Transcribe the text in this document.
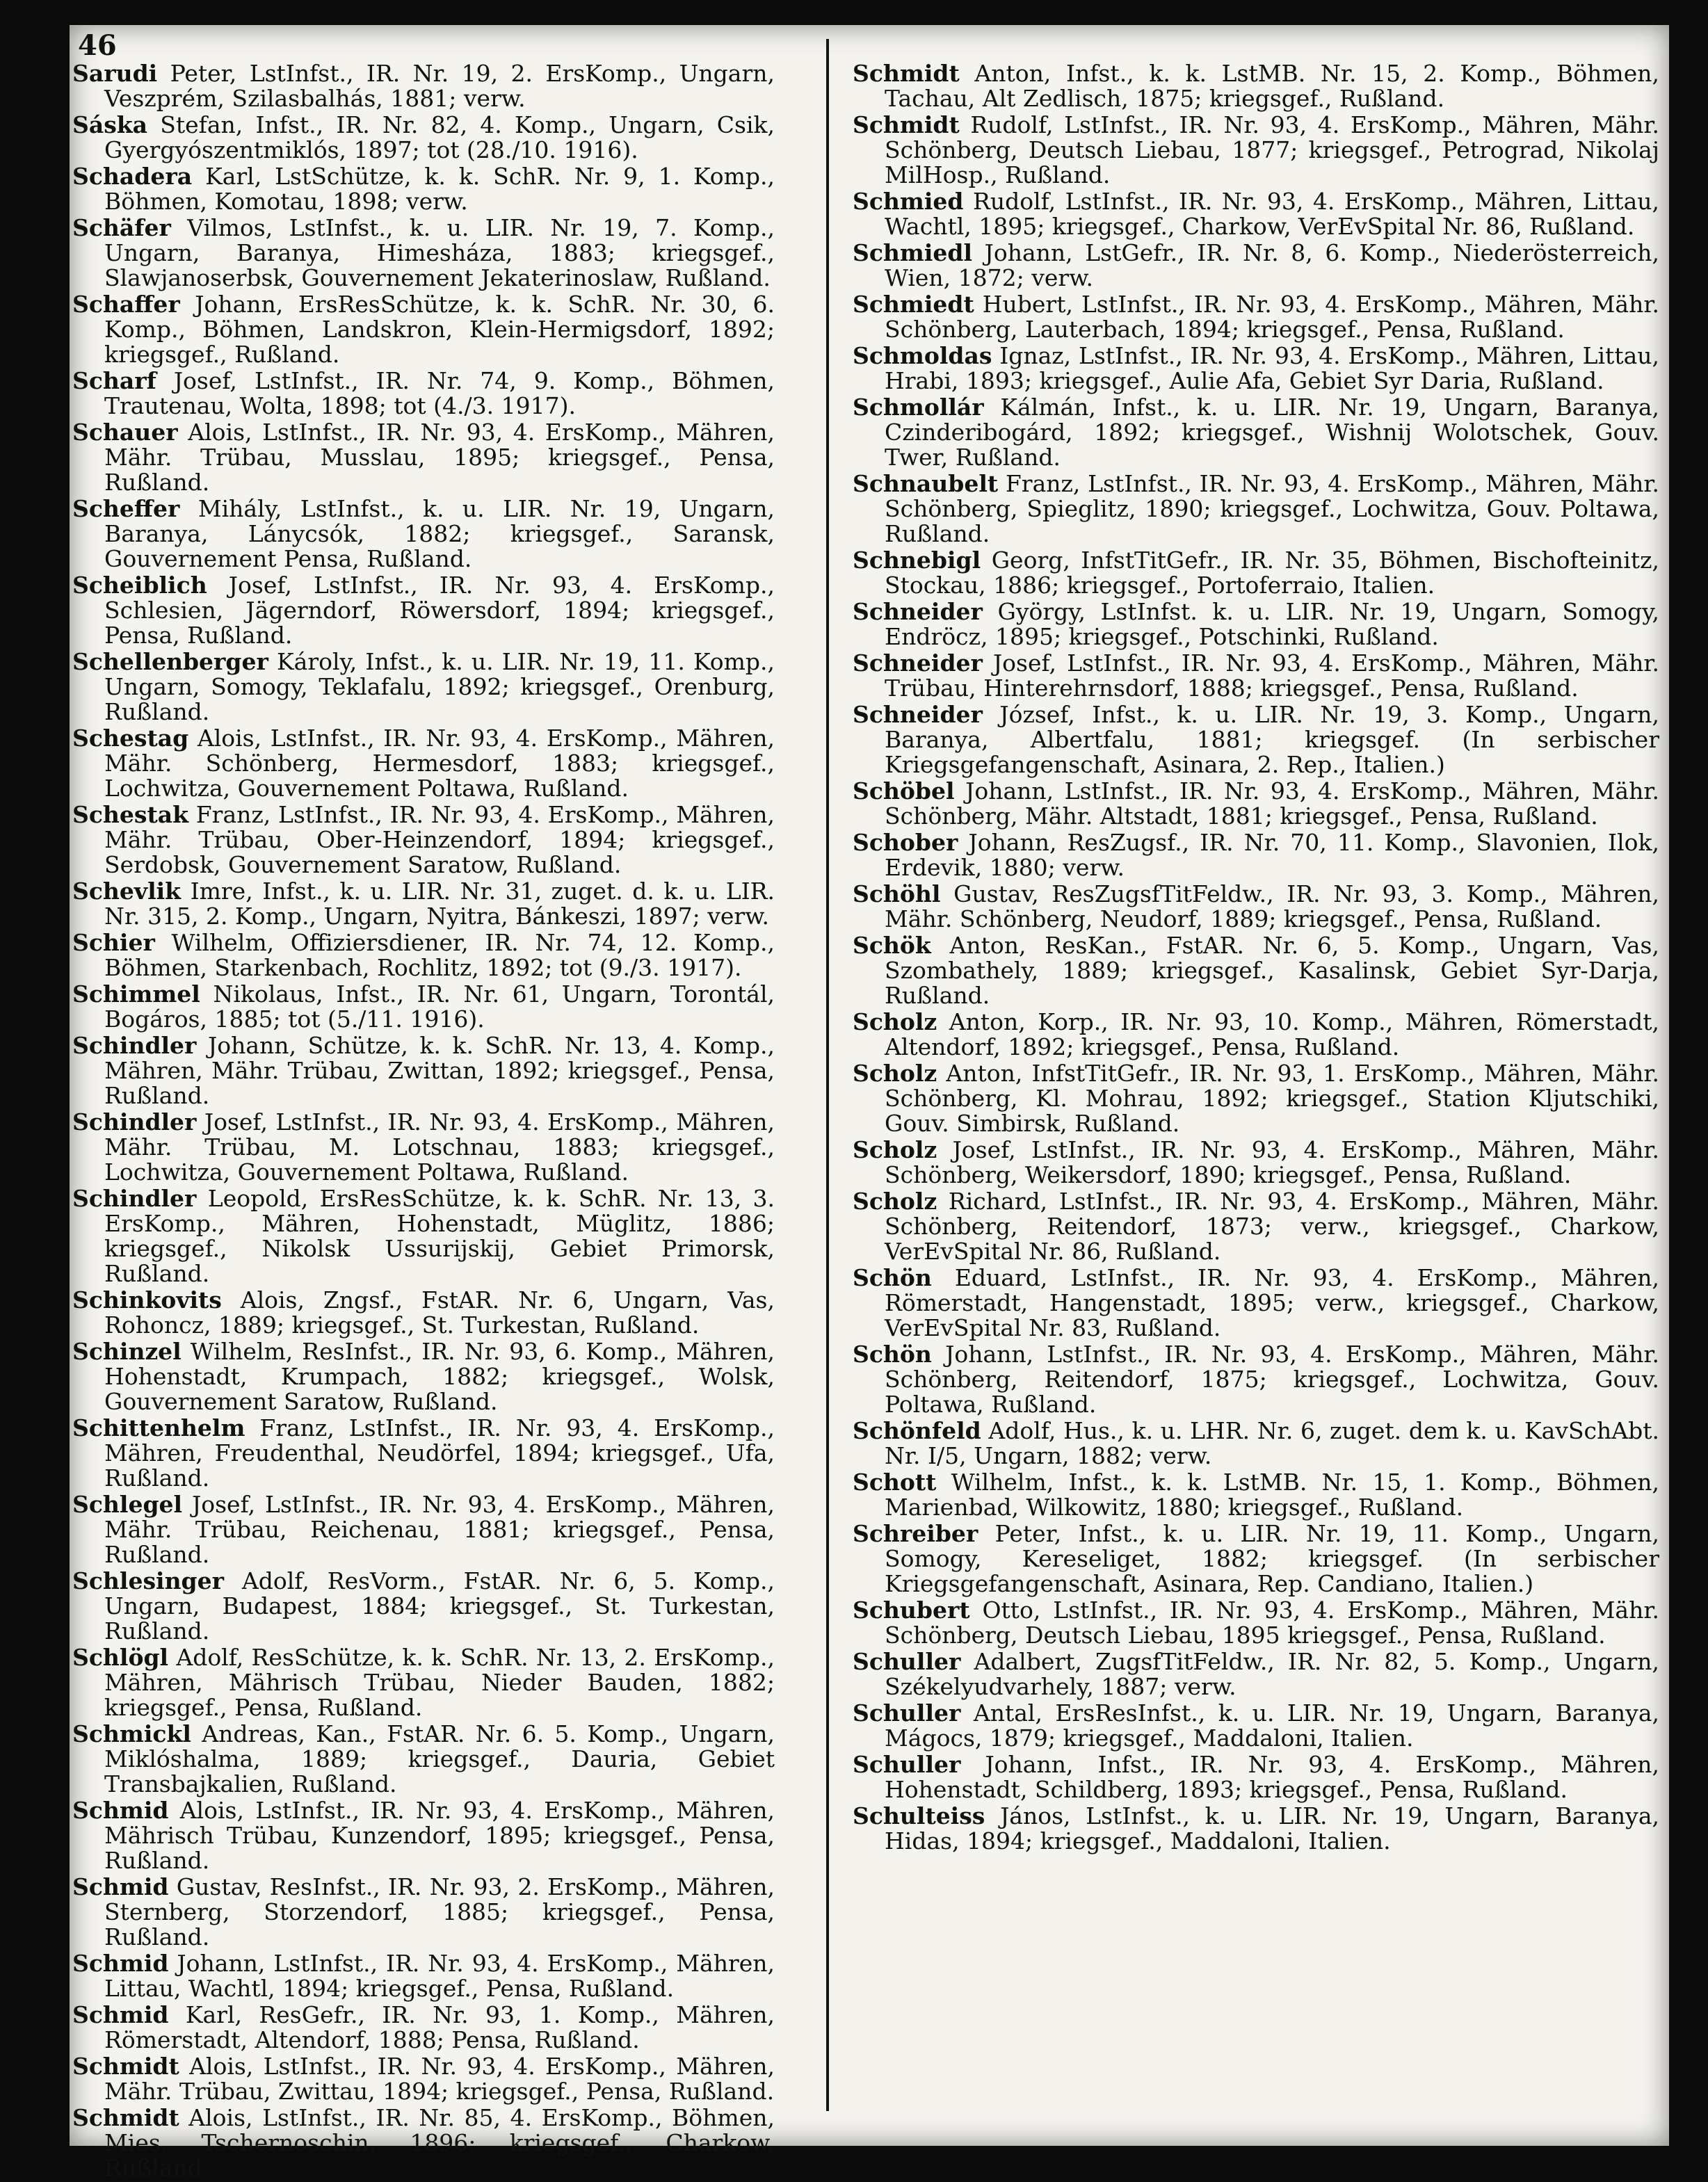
46

Sarudi Peter, LstInfst., IR. Nr. 19, 2. ErsKomp., Ungarn, Veszprém, Szilasbalhás, 1881; verw.

Sáska Stefan, Infst., IR. Nr. 82, 4. Komp., Ungarn, Csik, Gyergyószentmiklós, 1897; tot (28./10. 1916).

Schadera Karl, LstSchütze, k. k. SchR. Nr. 9, 1. Komp., Böhmen, Komotau, 1898; verw.

Schäfer Vilmos, LstInfst., k. u. LIR. Nr. 19, 7. Komp., Ungarn, Baranya, Himesháza, 1883; kriegsgef., Slawjanoserbsk, Gouvernement Jekaterinoslaw, Rußland.

Schaffer Johann, ErsResSchütze, k. k. SchR. Nr. 30, 6. Komp., Böhmen, Landskron, Klein-Hermigsdorf, 1892; kriegsgef., Rußland.

Scharf Josef, LstInfst., IR. Nr. 74, 9. Komp., Böhmen, Trautenau, Wolta, 1898; tot (4./3. 1917).

Schauer Alois, LstInfst., IR. Nr. 93, 4. ErsKomp., Mähren, Mähr. Trübau, Musslau, 1895; kriegsgef., Pensa, Rußland.

Scheffer Mihály, LstInfst., k. u. LIR. Nr. 19, Ungarn, Baranya, Lánycsók, 1882; kriegsgef., Saransk, Gouvernement Pensa, Rußland.

Scheiblich Josef, LstInfst., IR. Nr. 93, 4. ErsKomp., Schlesien, Jägerndorf, Röwersdorf, 1894; kriegsgef., Pensa, Rußland.

Schellenberger Károly, Infst., k. u. LIR. Nr. 19, 11. Komp., Ungarn, Somogy, Teklafalu, 1892; kriegsgef., Orenburg, Rußland.

Schestag Alois, LstInfst., IR. Nr. 93, 4. ErsKomp., Mähren, Mähr. Schönberg, Hermesdorf, 1883; kriegsgef., Lochwitza, Gouvernement Poltawa, Rußland.

Schestak Franz, LstInfst., IR. Nr. 93, 4. ErsKomp., Mähren, Mähr. Trübau, Ober-Heinzendorf, 1894; kriegsgef., Serdobsk, Gouvernement Saratow, Rußland.

Schevlik Imre, Infst., k. u. LIR. Nr. 31, zuget. d. k. u. LIR. Nr. 315, 2. Komp., Ungarn, Nyitra, Bánkeszi, 1897; verw.

Schier Wilhelm, Offiziersdiener, IR. Nr. 74, 12. Komp., Böhmen, Starkenbach, Rochlitz, 1892; tot (9./3. 1917).

Schimmel Nikolaus, Infst., IR. Nr. 61, Ungarn, Torontál, Bogáros, 1885; tot (5./11. 1916).

Schindler Johann, Schütze, k. k. SchR. Nr. 13, 4. Komp., Mähren, Mähr. Trübau, Zwittan, 1892; kriegsgef., Pensa, Rußland.

Schindler Josef, LstInfst., IR. Nr. 93, 4. ErsKomp., Mähren, Mähr. Trübau, M. Lotschnau, 1883; kriegsgef., Lochwitza, Gouvernement Poltawa, Rußland.

Schindler Leopold, ErsResSchütze, k. k. SchR. Nr. 13, 3. ErsKomp., Mähren, Hohenstadt, Müglitz, 1886; kriegsgef., Nikolsk Ussurijskij, Gebiet Primorsk, Rußland.

Schinkovits Alois, Zngsf., FstAR. Nr. 6, Ungarn, Vas, Rohoncz, 1889; kriegsgef., St. Turkestan, Rußland.

Schinzel Wilhelm, ResInfst., IR. Nr. 93, 6. Komp., Mähren, Hohenstadt, Krumpach, 1882; kriegsgef., Wolsk, Gouvernement Saratow, Rußland.

Schittenhelm Franz, LstInfst., IR. Nr. 93, 4. ErsKomp., Mähren, Freudenthal, Neudörfel, 1894; kriegsgef., Ufa, Rußland.

Schlegel Josef, LstInfst., IR. Nr. 93, 4. ErsKomp., Mähren, Mähr. Trübau, Reichenau, 1881; kriegsgef., Pensa, Rußland.

Schlesinger Adolf, ResVorm., FstAR. Nr. 6, 5. Komp., Ungarn, Budapest, 1884; kriegsgef., St. Turkestan, Rußland.

Schlögl Adolf, ResSchütze, k. k. SchR. Nr. 13, 2. ErsKomp., Mähren, Mährisch Trübau, Nieder Bauden, 1882; kriegsgef., Pensa, Rußland.

Schmickl Andreas, Kan., FstAR. Nr. 6. 5. Komp., Ungarn, Miklóshalma, 1889; kriegsgef., Dauria, Gebiet Transbajkalien, Rußland.

Schmid Alois, LstInfst., IR. Nr. 93, 4. ErsKomp., Mähren, Mährisch Trübau, Kunzendorf, 1895; kriegsgef., Pensa, Rußland.

Schmid Gustav, ResInfst., IR. Nr. 93, 2. ErsKomp., Mähren, Sternberg, Storzendorf, 1885; kriegsgef., Pensa, Rußland.

Schmid Johann, LstInfst., IR. Nr. 93, 4. ErsKomp., Mähren, Littau, Wachtl, 1894; kriegsgef., Pensa, Rußland.

Schmid Karl, ResGefr., IR. Nr. 93, 1. Komp., Mähren, Römerstadt, Altendorf, 1888; Pensa, Rußland.

Schmidt Alois, LstInfst., IR. Nr. 93, 4. ErsKomp., Mähren, Mähr. Trübau, Zwittau, 1894; kriegsgef., Pensa, Rußland.

Schmidt Alois, LstInfst., IR. Nr. 85, 4. ErsKomp., Böhmen, Mies, Tschernoschin, 1896; kriegsgef., Charkow, Rußland.

Schmidt Anton, Infst., k. k. LstMB. Nr. 15, 2. Komp., Böhmen, Tachau, Alt Zedlisch, 1875; kriegsgef., Rußland.

Schmidt Rudolf, LstInfst., IR. Nr. 93, 4. ErsKomp., Mähren, Mähr. Schönberg, Deutsch Liebau, 1877; kriegsgef., Petrograd, Nikolaj MilHosp., Rußland.

Schmied Rudolf, LstInfst., IR. Nr. 93, 4. ErsKomp., Mähren, Littau, Wachtl, 1895; kriegsgef., Charkow, VerEvSpital Nr. 86, Rußland.

Schmiedl Johann, LstGefr., IR. Nr. 8, 6. Komp., Niederösterreich, Wien, 1872; verw.

Schmiedt Hubert, LstInfst., IR. Nr. 93, 4. ErsKomp., Mähren, Mähr. Schönberg, Lauterbach, 1894; kriegsgef., Pensa, Rußland.

Schmoldas Ignaz, LstInfst., IR. Nr. 93, 4. ErsKomp., Mähren, Littau, Hrabi, 1893; kriegsgef., Aulie Afa, Gebiet Syr Daria, Rußland.

Schmollár Kálmán, Infst., k. u. LIR. Nr. 19, Ungarn, Baranya, Czinderibogárd, 1892; kriegsgef., Wishnij Wolotschek, Gouv. Twer, Rußland.

Schnaubelt Franz, LstInfst., IR. Nr. 93, 4. ErsKomp., Mähren, Mähr. Schönberg, Spieglitz, 1890; kriegsgef., Lochwitza, Gouv. Poltawa, Rußland.

Schnebigl Georg, InfstTitGefr., IR. Nr. 35, Böhmen, Bischofteinitz, Stockau, 1886; kriegsgef., Portoferraio, Italien.

Schneider György, LstInfst. k. u. LIR. Nr. 19, Ungarn, Somogy, Endröcz, 1895; kriegsgef., Potschinki, Rußland.

Schneider Josef, LstInfst., IR. Nr. 93, 4. ErsKomp., Mähren, Mähr. Trübau, Hinterehrnsdorf, 1888; kriegsgef., Pensa, Rußland.

Schneider József, Infst., k. u. LIR. Nr. 19, 3. Komp., Ungarn, Baranya, Albertfalu, 1881; kriegsgef. (In serbischer Kriegsgefangenschaft, Asinara, 2. Rep., Italien.)

Schöbel Johann, LstInfst., IR. Nr. 93, 4. ErsKomp., Mähren, Mähr. Schönberg, Mähr. Altstadt, 1881; kriegsgef., Pensa, Rußland.

Schober Johann, ResZugsf., IR. Nr. 70, 11. Komp., Slavonien, Ilok, Erdevik, 1880; verw.

Schöhl Gustav, ResZugsfTitFeldw., IR. Nr. 93, 3. Komp., Mähren, Mähr. Schönberg, Neudorf, 1889; kriegsgef., Pensa, Rußland.

Schök Anton, ResKan., FstAR. Nr. 6, 5. Komp., Ungarn, Vas, Szombathely, 1889; kriegsgef., Kasalinsk, Gebiet Syr-Darja, Rußland.

Scholz Anton, Korp., IR. Nr. 93, 10. Komp., Mähren, Römerstadt, Altendorf, 1892; kriegsgef., Pensa, Rußland.

Scholz Anton, InfstTitGefr., IR. Nr. 93, 1. ErsKomp., Mähren, Mähr. Schönberg, Kl. Mohrau, 1892; kriegsgef., Station Kljutschiki, Gouv. Simbirsk, Rußland.

Scholz Josef, LstInfst., IR. Nr. 93, 4. ErsKomp., Mähren, Mähr. Schönberg, Weikersdorf, 1890; kriegsgef., Pensa, Rußland.

Scholz Richard, LstInfst., IR. Nr. 93, 4. ErsKomp., Mähren, Mähr. Schönberg, Reitendorf, 1873; verw., kriegsgef., Charkow, VerEvSpital Nr. 86, Rußland.

Schön Eduard, LstInfst., IR. Nr. 93, 4. ErsKomp., Mähren, Römerstadt, Hangenstadt, 1895; verw., kriegsgef., Charkow, VerEvSpital Nr. 83, Rußland.

Schön Johann, LstInfst., IR. Nr. 93, 4. ErsKomp., Mähren, Mähr. Schönberg, Reitendorf, 1875; kriegsgef., Lochwitza, Gouv. Poltawa, Rußland.

Schönfeld Adolf, Hus., k. u. LHR. Nr. 6, zuget. dem k. u. KavSchAbt. Nr. I/5, Ungarn, 1882; verw.

Schott Wilhelm, Infst., k. k. LstMB. Nr. 15, 1. Komp., Böhmen, Marienbad, Wilkowitz, 1880; kriegsgef., Rußland.

Schreiber Peter, Infst., k. u. LIR. Nr. 19, 11. Komp., Ungarn, Somogy, Kereseliget, 1882; kriegsgef. (In serbischer Kriegsgefangenschaft, Asinara, Rep. Candiano, Italien.)

Schubert Otto, LstInfst., IR. Nr. 93, 4. ErsKomp., Mähren, Mähr. Schönberg, Deutsch Liebau, 1895 kriegsgef., Pensa, Rußland.

Schuller Adalbert, ZugsfTitFeldw., IR. Nr. 82, 5. Komp., Ungarn, Székelyudvarhely, 1887; verw.

Schuller Antal, ErsResInfst., k. u. LIR. Nr. 19, Ungarn, Baranya, Mágocs, 1879; kriegsgef., Maddaloni, Italien.

Schuller Johann, Infst., IR. Nr. 93, 4. ErsKomp., Mähren, Hohenstadt, Schildberg, 1893; kriegsgef., Pensa, Rußland.

Schulteiss János, LstInfst., k. u. LIR. Nr. 19, Ungarn, Baranya, Hidas, 1894; kriegsgef., Maddaloni, Italien.
